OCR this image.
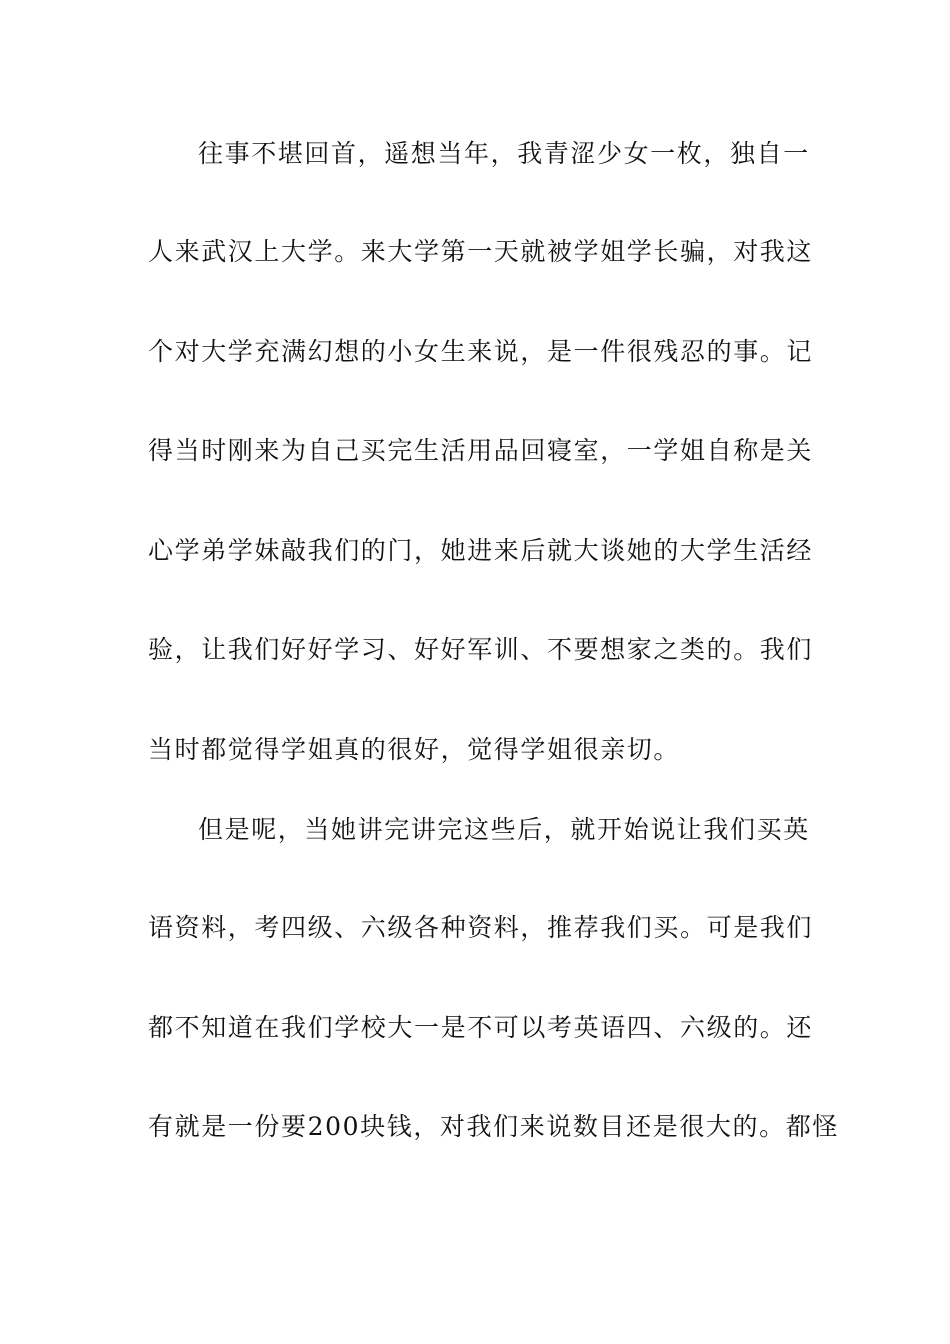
往事不堪回首，遥想当年，我青涩少女一枚，独自一
人来武汉上大学。来大学第一天就被学姐学长骗，对我这
个对大学充满幻想的小女生来说，是一件很残忍的事。记
得当时刚来为自己买完生活用品回寝室，一学姐自称是关
心学弟学妹敲我们的门，她进来后就大谈她的大学生活经
验，让我们好好学习、好好军训、不要想家之类的。我们
当时都觉得学姐真的很好，觉得学姐很亲切。
但是呢，当她讲完讲完这些后，就开始说让我们买英
语资料，考四级、六级各种资料，推荐我们买。可是我们
都不知道在我们学校大一是不可以考英语四、六级的。还
有就是一份要200块钱，对我们来说数目还是很大的。都怪
